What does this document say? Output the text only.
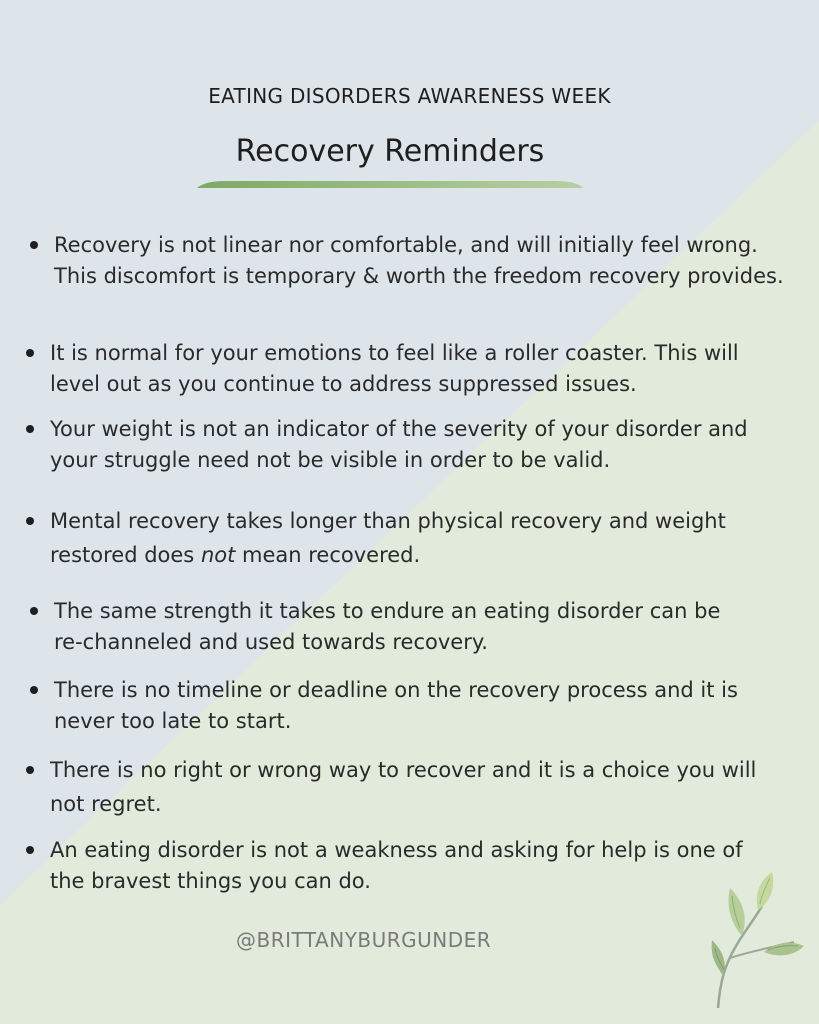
EATING DISORDERS AWARENESS WEEK
Recovery Reminders
Recovery is not linear nor comfortable, and will initially feel wrong. This discomfort is temporary & worth the freedom recovery provides.
It is normal for your emotions to feel like a roller coaster. This will level out as you continue to address suppressed issues.
Your weight is not an indicator of the severity of your disorder and your struggle need not be visible in order to be valid.
Mental recovery takes longer than physical recovery and weight restored does not mean recovered.
The same strength it takes to endure an eating disorder can be re-channeled and used towards recovery.
There is no timeline or deadline on the recovery process and it is never too late to start.
There is no right or wrong way to recover and it is a choice you will not regret.
An eating disorder is not a weakness and asking for help is one of the bravest things you can do.
@BRITTANYBURGUNDER
